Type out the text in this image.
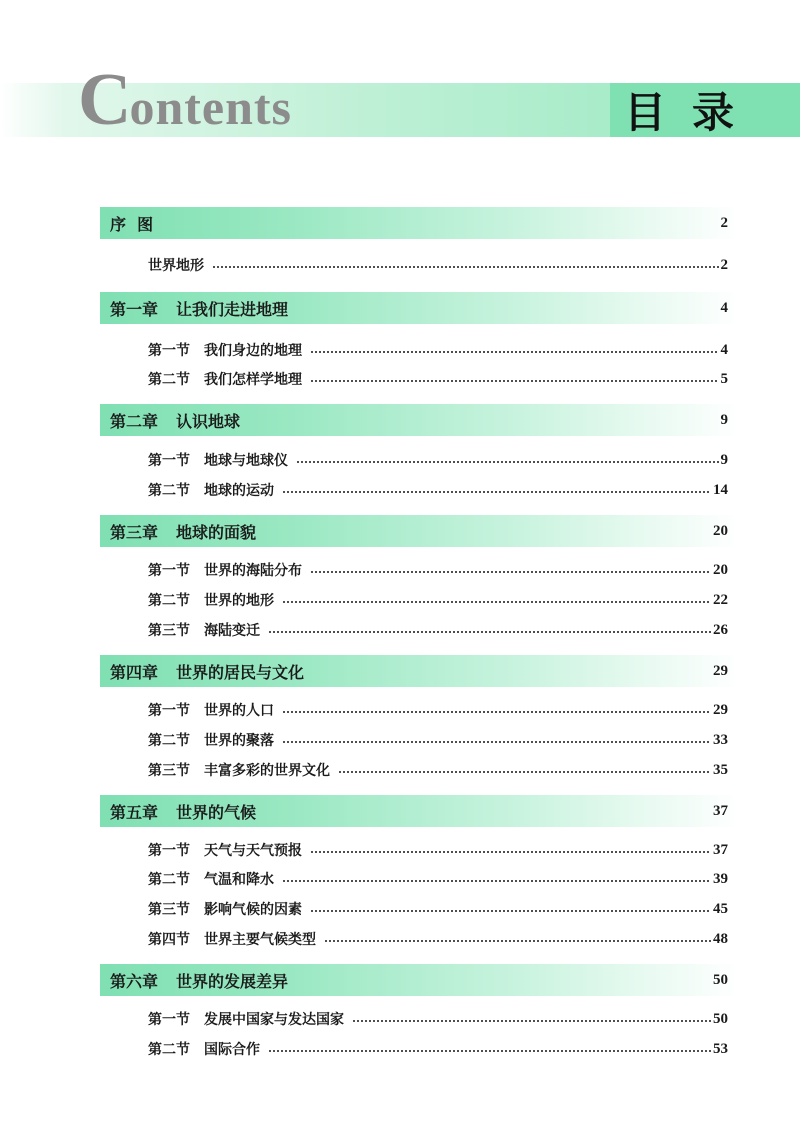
Contents	目录
序  图	2
世界地形	2
第一章 让我们走进地理	4
第一节 我们身边的地理	4
第二节 我们怎样学地理	5
第二章 认识地球	9
第一节 地球与地球仪	9
第二节 地球的运动	14
第三章 地球的面貌	20
第一节 世界的海陆分布	20
第二节 世界的地形	22
第三节 海陆变迁	26
第四章 世界的居民与文化	29
第一节 世界的人口	29
第二节 世界的聚落	33
第三节 丰富多彩的世界文化	35
第五章 世界的气候	37
第一节 天气与天气预报	37
第二节 气温和降水	39
第三节 影响气候的因素	45
第四节 世界主要气候类型	48
第六章 世界的发展差异	50
第一节 发展中国家与发达国家	50
第二节 国际合作	53
